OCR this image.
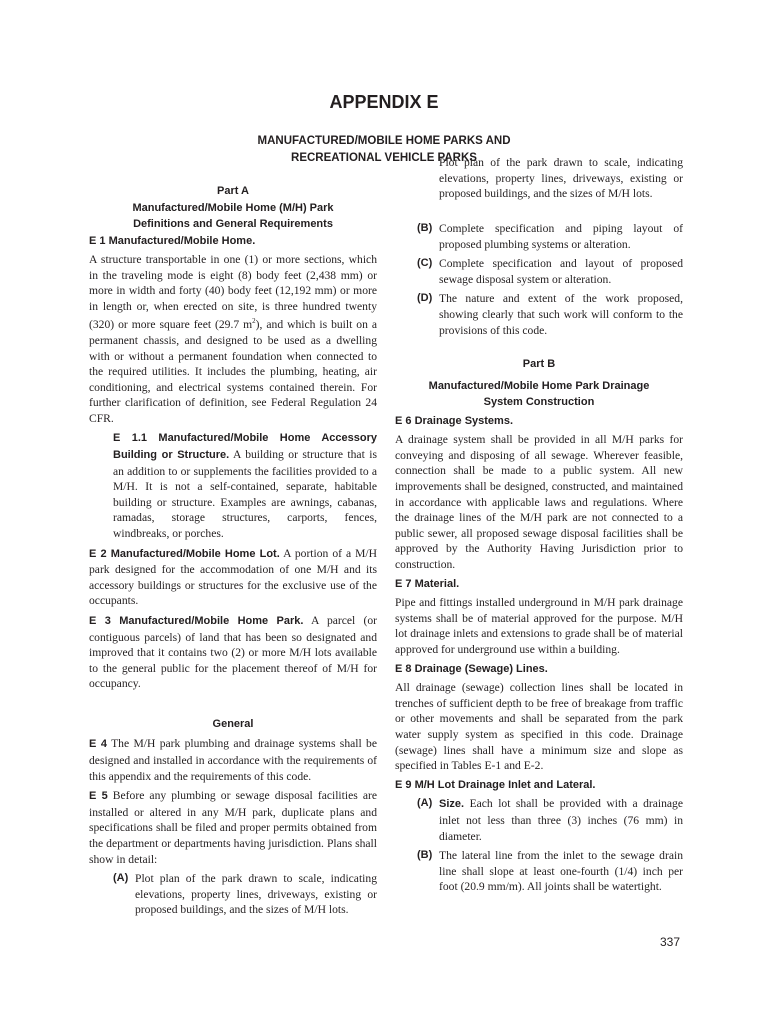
APPENDIX E
MANUFACTURED/MOBILE HOME PARKS AND
RECREATIONAL VEHICLE PARKS
Part A
Manufactured/Mobile Home (M/H) Park
Definitions and General Requirements
E 1 Manufactured/Mobile Home.

A structure transportable in one (1) or more sections, which in the traveling mode is eight (8) body feet (2,438 mm) or more in width and forty (40) body feet (12,192 mm) or more in length or, when erected on site, is three hundred twenty (320) or more square feet (29.7 $m^2$), and which is built on a permanent chassis, and designed to be used as a dwelling with or without a permanent foundation when connected to the required utilities. It includes the plumbing, heating, air conditioning, and electrical systems contained therein. For further clarification of definition, see Federal Regulation 24 CFR.

E 1.1 Manufactured/Mobile Home Accessory Building or Structure. A building or structure that is an addition to or supplements the facilities provided to a M/H. It is not a self-contained, separate, habitable building or structure. Examples are awnings, cabanas, ramadas, storage structures, carports, fences, windbreaks, or porches.

E 2 Manufactured/Mobile Home Lot. A portion of a M/H park designed for the accommodation of one M/H and its accessory buildings or structures for the exclusive use of the occupants.

E 3 Manufactured/Mobile Home Park. A parcel (or contiguous parcels) of land that has been so designated and improved that it contains two (2) or more M/H lots available to the general public for the placement thereof of M/H for occupancy.

General

E 4 The M/H park plumbing and drainage systems shall be designed and installed in accordance with the requirements of this appendix and the requirements of this code.

E 5 Before any plumbing or sewage disposal facilities are installed or altered in any M/H park, duplicate plans and specifications shall be filed and proper permits obtained from the department or departments having jurisdiction. Plans shall show in detail:

(A) Plot plan of the park drawn to scale, indicating elevations, property lines, driveways, existing or proposed buildings, and the sizes of M/H lots.
Plot plan of the park drawn to scale, indicating elevations, property lines, driveways, existing or proposed buildings, and the sizes of M/H lots.
(B) Complete specification and piping layout of proposed plumbing systems or alteration.
(C) Complete specification and layout of proposed sewage disposal system or alteration.
(D) The nature and extent of the work proposed, showing clearly that such work will conform to the provisions of this code.
Part B
Manufactured/Mobile Home Park Drainage
System Construction
E 6 Drainage Systems.

A drainage system shall be provided in all M/H parks for conveying and disposing of all sewage. Wherever feasible, connection shall be made to a public system. All new improvements shall be designed, constructed, and maintained in accordance with applicable laws and regulations. Where the drainage lines of the M/H park are not connected to a public sewer, all proposed sewage disposal facilities shall be approved by the Authority Having Jurisdiction prior to construction.

E 7 Material.

Pipe and fittings installed underground in M/H park drainage systems shall be of material approved for the purpose. M/H lot drainage inlets and extensions to grade shall be of material approved for underground use within a building.

E 8 Drainage (Sewage) Lines.

All drainage (sewage) collection lines shall be located in trenches of sufficient depth to be free of breakage from traffic or other movements and shall be separated from the park water supply system as specified in this code. Drainage (sewage) lines shall have a minimum size and slope as specified in Tables E-1 and E-2.

E 9 M/H Lot Drainage Inlet and Lateral.
(A) Size. Each lot shall be provided with a drainage inlet not less than three (3) inches (76 mm) in diameter.
(B) The lateral line from the inlet to the sewage drain line shall slope at least one-fourth (1/4) inch per foot (20.9 mm/m). All joints shall be watertight.
337
